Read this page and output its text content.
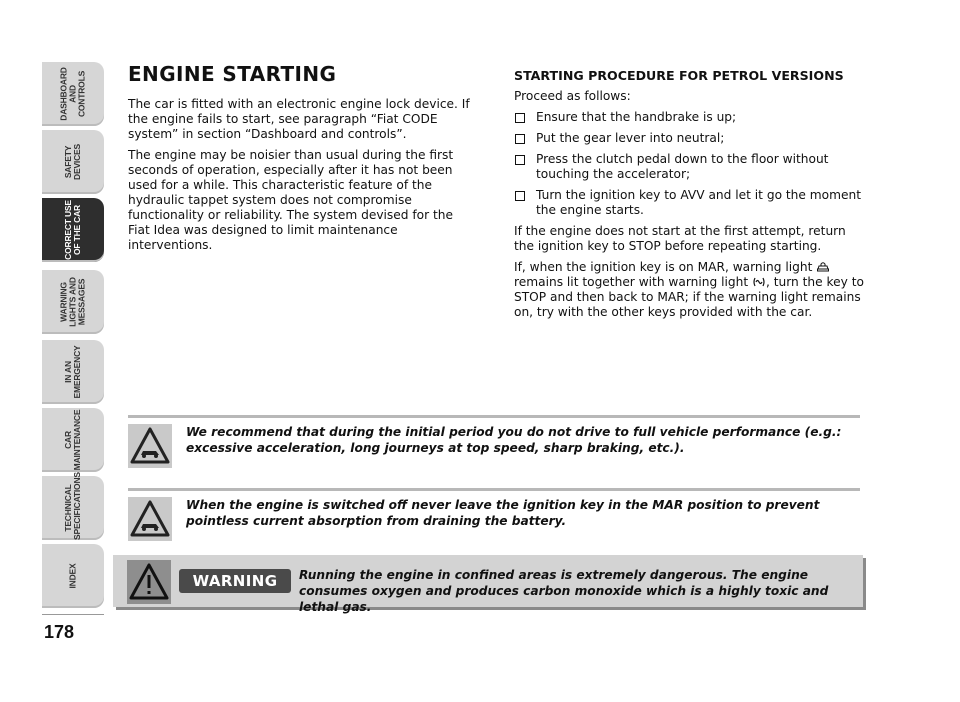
DASHBOARD AND CONTROLS
SAFETY DEVICES
CORRECT USE OF THE CAR
WARNING LIGHTS AND MESSAGES
IN AN EMERGENCY
CAR MAINTENANCE
TECHNICAL SPECIFICATIONS
INDEX
178
ENGINE STARTING

The car is fitted with an electronic engine lock device. If the engine fails to start, see paragraph “Fiat CODE system” in section “Dashboard and controls”.

The engine may be noisier than usual during the first seconds of operation, especially after it has not been used for a while. This characteristic feature of the hydraulic tappet system does not compromise functionality or reliability. The system devised for the Fiat Idea was designed to limit maintenance interventions.

STARTING PROCEDURE FOR PETROL VERSIONS

Proceed as follows:

Ensure that the handbrake is up;
Put the gear lever into neutral;
Press the clutch pedal down to the floor without touching the accelerator;
Turn the ignition key to AVV and let it go the moment the engine starts.

If the engine does not start at the first attempt, return the ignition key to STOP before repeating starting.

If, when the ignition key is on MAR, warning light  remains lit together with warning light , turn the key to STOP and then back to MAR; if the warning light remains on, try with the other keys provided with the car.

We recommend that during the initial period you do not drive to full vehicle performance (e.g.: excessive acceleration, long journeys at top speed, sharp braking, etc.).
When the engine is switched off never leave the ignition key in the MAR position to prevent pointless current absorption from draining the battery.
WARNING	Running the engine in confined areas is extremely dangerous. The engine consumes oxygen and produces carbon monoxide which is a highly toxic and lethal gas.
